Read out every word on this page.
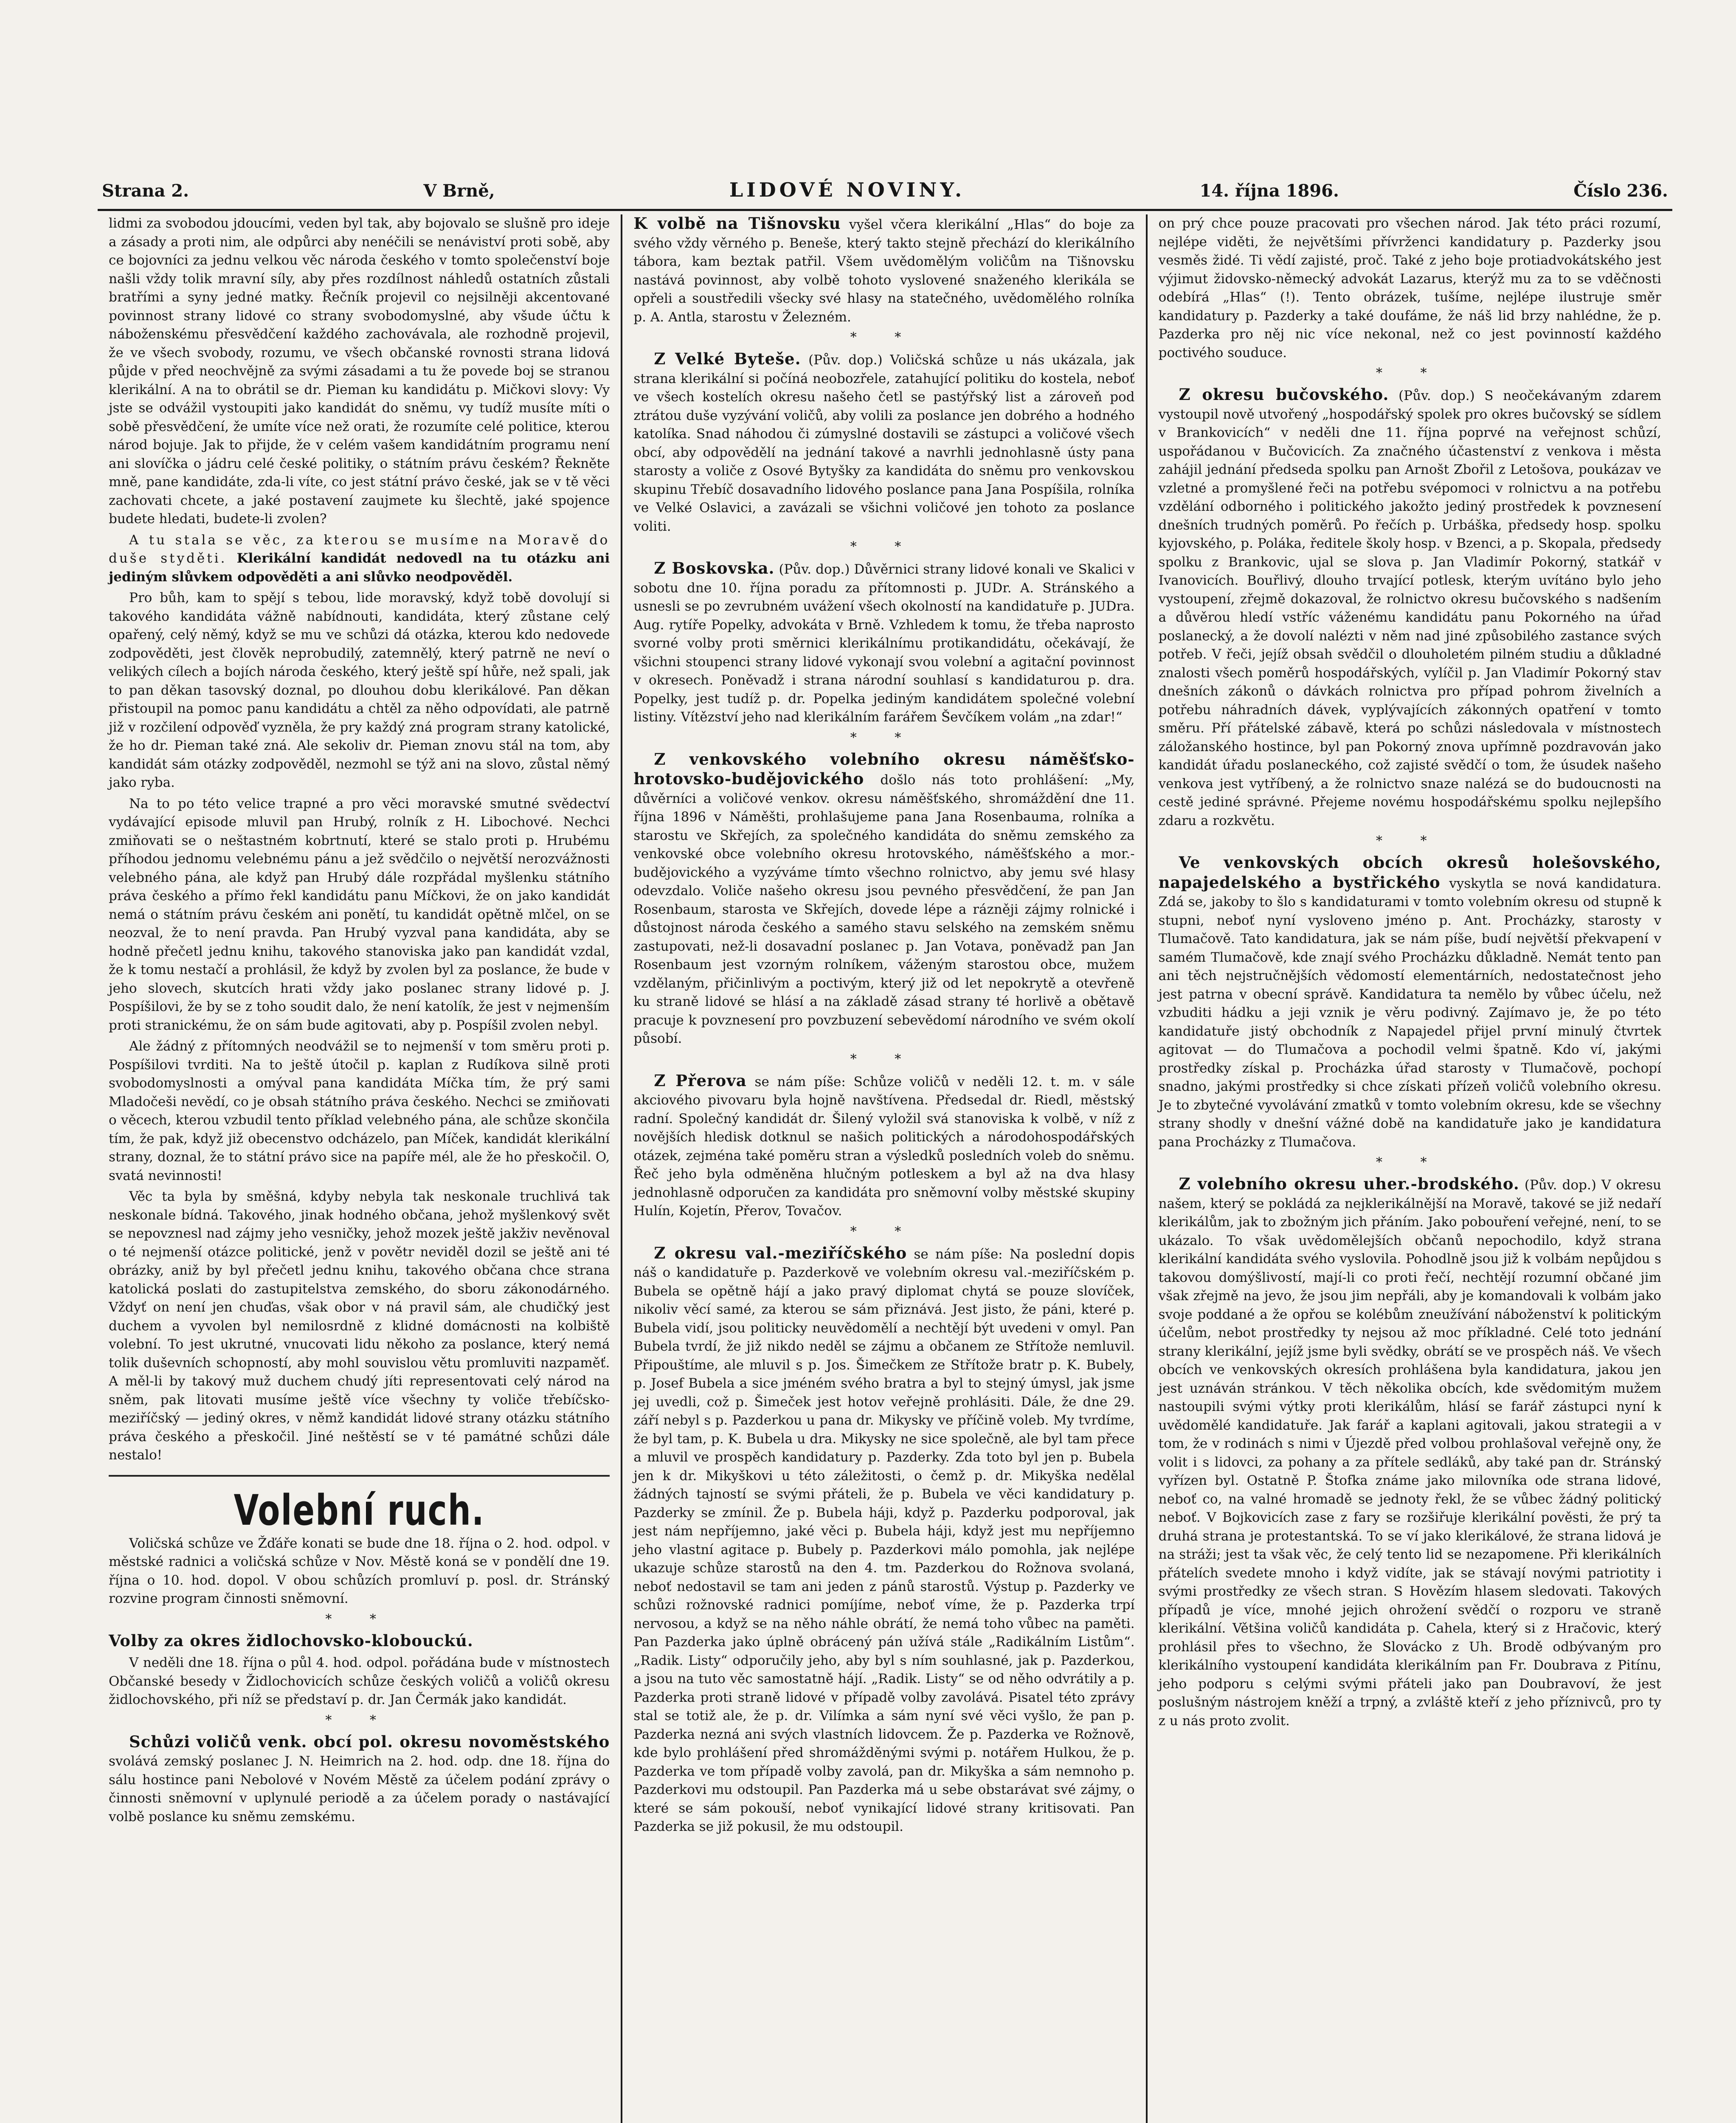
Strana 2.	V Brně,	LIDOVÉ NOVINY.	14. října 1896.	Číslo 236.

lidmi za svobodou jdoucími, veden byl tak, aby bojovalo se slušně pro ideje a zásady a proti nim, ale odpůrci aby nenéčili se nenáviství proti sobě, aby ce bojovníci za jednu velkou věc národa českého v tomto společenství boje našli vždy tolik mravní síly, aby přes rozdílnost náhledů ostatních zůstali bratřími a syny jedné matky. Řečník projevil co nejsilněji akcentované povinnost strany lidové co strany svobodomyslné, aby všude účtu k náboženskému přesvědčení každého zachovávala, ale rozhodně projevil, že ve všech svobody, rozumu, ve všech občanské rovnosti strana lidová půjde v před neochvějně za svými zásadami a tu že povede boj se stranou klerikální. A na to obrátil se dr. Pieman ku kandidátu p. Mičkovi slovy: Vy jste se odvážil vystoupiti jako kandidát do sněmu, vy tudíž musíte míti o sobě přesvědčení, že umíte více než orati, že rozumíte celé politice, kterou národ bojuje. Jak to přijde, že v celém vašem kandidátním programu není ani slovíčka o jádru celé české politiky, o státním právu českém? Řekněte mně, pane kandidáte, zda-li víte, co jest státní právo české, jak se v tě věci zachovati chcete, a jaké postavení zaujmete ku šlechtě, jaké spojence budete hledati, budete-li zvolen?

A tu stala se věc, za kterou se musíme na Moravě do duše styděti. Klerikální kandidát nedovedl na tu otázku ani jediným slůvkem odpověděti a ani slůvko neodpověděl.

Pro bůh, kam to spějí s tebou, lide moravský, když tobě dovolují si takového kandidáta vážně nabídnouti, kandidáta, který zůstane celý opařený, celý němý, když se mu ve schůzi dá otázka, kterou kdo nedovede zodpověděti, jest člověk neprobudilý, zatemnělý, který patrně ne neví o velikých cílech a bojích národa českého, který ještě spí hůře, než spali, jak to pan děkan tasovský doznal, po dlouhou dobu klerikálové. Pan děkan přistoupil na pomoc panu kandidátu a chtěl za něho odpovídati, ale patrně již v rozčilení odpověď vyzněla, že pry každý zná program strany katolické, že ho dr. Pieman také zná. Ale sekoliv dr. Pieman znovu stál na tom, aby kandidát sám otázky zodpověděl, nezmohl se týž ani na slovo, zůstal němý jako ryba.

Na to po této velice trapné a pro věci moravské smutné svědectví vydávající episode mluvil pan Hrubý, rolník z H. Libochové. Nechci zmiňovati se o neštastném kobrtnutí, které se stalo proti p. Hrubému příhodou jednomu velebnému pánu a jež svědčilo o největší nerozvážnosti velebného pána, ale když pan Hrubý dále rozpřádal myšlenku státního práva českého a přímo řekl kandidátu panu Míčkovi, že on jako kandidát nemá o státním právu českém ani ponětí, tu kandidát opětně mlčel, on se neozval, že to není pravda. Pan Hrubý vyzval pana kandidáta, aby se hodně přečetl jednu knihu, takového stanoviska jako pan kandidát vzdal, že k tomu nestačí a prohlásil, že když by zvolen byl za poslance, že bude v jeho slovech, skutcích hrati vždy jako poslanec strany lidové p. J. Pospíšilovi, že by se z toho soudit dalo, že není katolík, že jest v nejmenším proti stranickému, že on sám bude agitovati, aby p. Pospíšil zvolen nebyl.

Ale žádný z přítomných neodvážil se to nejmenší v tom směru proti p. Pospíšilovi tvrditi. Na to ještě útočil p. kaplan z Rudíkova silně proti svobodomyslnosti a omýval pana kandidáta Míčka tím, že prý sami Mladočeši nevědí, co je obsah státního práva českého. Nechci se zmiňovati o věcech, kterou vzbudil tento příklad velebného pána, ale schůze skončila tím, že pak, když již obecenstvo odcházelo, pan Míček, kandidát klerikální strany, doznal, že to státní právo sice na papíře mél, ale že ho přeskočil. O, svatá nevinnosti!

Věc ta byla by směšná, kdyby nebyla tak neskonale truchlivá tak neskonale bídná. Takového, jinak hodného občana, jehož myšlenkový svět se nepovznesl nad zájmy jeho vesničky, jehož mozek ještě jakživ nevěnoval o té nejmenší otázce politické, jenž v povětr neviděl dozil se ještě ani té obrázky, aniž by byl přečetl jednu knihu, takového občana chce strana katolická poslati do zastupitelstva zemského, do sboru zákonodárného. Vždyť on není jen chuďas, však obor v ná pravil sám, ale chudičký jest duchem a vyvolen byl nemilosrdně z klidné domácnosti na kolbiště volební. To jest ukrutné, vnucovati lidu někoho za poslance, který nemá tolik duševních schopností, aby mohl souvislou větu promluviti nazpaměť. A měl-li by takový muž duchem chudý jíti representovati celý národ na sněm, pak litovati musíme ještě více všechny ty voliče třebíčsko-meziříčský — jediný okres, v němž kandidát lidové strany otázku státního práva českého a přeskočil. Jiné neštěstí se v té památné schůzi dále nestalo!

Volební ruch.

Voličská schůze ve Žďáře konati se bude dne 18. října o 2. hod. odpol. v městské radnici a voličská schůze v Nov. Městě koná se v pondělí dne 19. října o 10. hod. dopol. V obou schůzích promluví p. posl. dr. Stránský rozvine program činnosti sněmovní.

* *

Volby za okres židlochovsko-klobouckú.

V neděli dne 18. října o půl 4. hod. odpol. pořádána bude v místnostech Občanské besedy v Židlochovicích schůze českých voličů a voličů okresu židlochovského, při níž se představí p. dr. Jan Čermák jako kandidát.

* *

Schůzi voličů venk. obcí pol. okresu novoměstského svolává zemský poslanec J. N. Heimrich na 2. hod. odp. dne 18. října do sálu hostince pani Nebolové v Novém Městě za účelem podání zprávy o činnosti sněmovní v uplynulé periodě a za účelem porady o nastávající volbě poslance ku sněmu zemskému.

K volbě na Tišnovsku vyšel včera klerikální „Hlas“ do boje za svého vždy věrného p. Beneše, který takto stejně přechází do klerikálního tábora, kam beztak patřil. Všem uvědomělým voličům na Tišnovsku nastává povinnost, aby volbě tohoto vyslovené snaženého klerikála se opřeli a soustředili všecky své hlasy na statečného, uvědomělého rolníka p. A. Antla, starostu v Železném.

* *

Z Velké Byteše. (Pův. dop.) Voličská schůze u nás ukázala, jak strana klerikální si počíná neobozřele, zatahující politiku do kostela, neboť ve všech kostelích okresu našeho četl se pastýřský list a zároveň pod ztrátou duše vyzývání voličů, aby volili za poslance jen dobrého a hodného katolíka. Snad náhodou či zúmyslné dostavili se zástupci a voličové všech obcí, aby odpovědělí na jednání takové a navrhli jednohlasně ústy pana starosty a voliče z Osové Bytyšky za kandidáta do sněmu pro venkovskou skupinu Třebíč dosavadního lidového poslance pana Jana Pospíšila, rolníka ve Velké Oslavici, a zavázali se všichni voličové jen tohoto za poslance voliti.

* *

Z Boskovska. (Pův. dop.) Důvěrnici strany lidové konali ve Skalici v sobotu dne 10. října poradu za přítomnosti p. JUDr. A. Stránského a usnesli se po zevrubném uvážení všech okolností na kandidatuře p. JUDra. Aug. rytíře Popelky, advokáta v Brně. Vzhledem k tomu, že třeba naprosto svorné volby proti směrnici klerikálnímu protikandidátu, očekávají, že všichni stoupenci strany lidové vykonají svou volební a agitační povinnost v okresech. Poněvadž i strana národní souhlasí s kandidaturou p. dra. Popelky, jest tudíž p. dr. Popelka jediným kandidátem společné volební listiny. Vítězství jeho nad klerikálním farářem Ševčíkem volám „na zdar!“

* *

Z venkovského volebního okresu náměšťsko-hrotovsko-budějovického došlo nás toto prohlášení: „My, důvěrníci a voličové venkov. okresu náměšťského, shromáždění dne 11. října 1896 v Náměšti, prohlašujeme pana Jana Rosenbauma, rolníka a starostu ve Skřejích, za společného kandidáta do sněmu zemského za venkovské obce volebního okresu hrotovského, náměšťského a mor.-budějovického a vyzýváme tímto všechno rolnictvo, aby jemu své hlasy odevzdalo. Voliče našeho okresu jsou pevného přesvědčení, že pan Jan Rosenbaum, starosta ve Skřejích, dovede lépe a rázněji zájmy rolnické i důstojnost národa českého a samého stavu selského na zemském sněmu zastupovati, než-li dosavadní poslanec p. Jan Votava, poněvadž pan Jan Rosenbaum jest vzorným rolníkem, váženým starostou obce, mužem vzdělaným, přičinlivým a poctivým, který již od let nepokrytě a otevřeně ku straně lidové se hlásí a na základě zásad strany té horlivě a obětavě pracuje k povznesení pro povzbuzení sebevědomí národního ve svém okolí působí.

* *

Z Přerova se nám píše: Schůze voličů v neděli 12. t. m. v sále akciového pivovaru byla hojně navštívena. Předsedal dr. Riedl, městský radní. Společný kandidát dr. Šilený vyložil svá stanoviska k volbě, v níž z novějších hledisk dotknul se našich politických a národohospodářských otázek, zejména také poměru stran a výsledků posledních voleb do sněmu. Řeč jeho byla odměněna hlučným potleskem a byl až na dva hlasy jednohlasně odporučen za kandidáta pro sněmovní volby městské skupiny Hulín, Kojetín, Přerov, Tovačov.

* *

Z okresu val.-meziříčského se nám píše: Na poslední dopis náš o kandidatuře p. Pazderkově ve volebním okresu val.-meziříčském p. Bubela se opětně hájí a jako pravý diplomat chytá se pouze slovíček, nikoliv věcí samé, za kterou se sám přiznává. Jest jisto, že páni, které p. Bubela vidí, jsou politicky neuvědomělí a nechtějí být uvedeni v omyl. Pan Bubela tvrdí, že již nikdo neděl se zájmu a občanem ze Střítože nemluvil. Připouštíme, ale mluvil s p. Jos. Šimečkem ze Střítože bratr p. K. Bubely, p. Josef Bubela a sice jméném svého bratra a byl to stejný úmysl, jak jsme jej uvedli, což p. Šimeček jest hotov veřejně prohlásiti. Dále, že dne 29. září nebyl s p. Pazderkou u pana dr. Mikysky ve příčině voleb. My tvrdíme, že byl tam, p. K. Bubela u dra. Mikysky ne sice společně, ale byl tam přece a mluvil ve prospěch kandidatury p. Pazderky. Zda toto byl jen p. Bubela jen k dr. Mikyškovi u této záležitosti, o čemž p. dr. Mikyška nedělal žádných tajností se svými přáteli, že p. Bubela ve věci kandidatury p. Pazderky se zmínil. Že p. Bubela háji, když p. Pazderku podporoval, jak jest nám nepříjemno, jaké věci p. Bubela háji, když jest mu nepříjemno jeho vlastní agitace p. Bubely p. Pazderkovi málo pomohla, jak nejlépe ukazuje schůze starostů na den 4. tm. Pazderkou do Rožnova svolaná, neboť nedostavil se tam ani jeden z pánů starostů. Výstup p. Pazderky ve schůzi rožnovské radnici pomíjíme, neboť víme, že p. Pazderka trpí nervosou, a když se na něho náhle obrátí, že nemá toho vůbec na paměti. Pan Pazderka jako úplně obrácený pán užívá stále „Radikálním Listům“. „Radik. Listy“ odporučily jeho, aby byl s ním souhlasné, jak p. Pazderkou, a jsou na tuto věc samostatně hájí. „Radik. Listy“ se od něho odvrátily a p. Pazderka proti straně lidové v případě volby zavolává. Pisatel této zprávy stal se totiž ale, že p. dr. Vilímka a sám nyní své věci vyšlo, že pan p. Pazderka nezná ani svých vlastních lidovcem. Že p. Pazderka ve Rožnově, kde bylo prohlášení před shromážděnými svými p. notářem Hulkou, že p. Pazderka ve tom případě volby zavolá, pan dr. Mikyška a sám nemnoho p. Pazderkovi mu odstoupil. Pan Pazderka má u sebe obstarávat své zájmy, o které se sám pokouší, neboť vynikající lidové strany kritisovati. Pan Pazderka se již pokusil, že mu odstoupil.

on prý chce pouze pracovati pro všechen národ. Jak této práci rozumí, nejlépe viděti, že největšími přívrženci kandidatury p. Pazderky jsou vesměs židé. Ti vědí zajisté, proč. Také z jeho boje protiadvokátského jest výjimut židovsko-německý advokát Lazarus, kterýž mu za to se vděčnosti odebírá „Hlas“ (!). Tento obrázek, tušíme, nejlépe ilustruje směr kandidatury p. Pazderky a také doufáme, že náš lid brzy nahlédne, že p. Pazderka pro něj nic více nekonal, než co jest povinností každého poctivého souduce.

* *

Z okresu bučovského. (Pův. dop.) S neočekávaným zdarem vystoupil nově utvořený „hospodářský spolek pro okres bučovský se sídlem v Brankovicích“ v neděli dne 11. října poprvé na veřejnost schůzí, uspořádanou v Bučovicích. Za značného účastenství z venkova i města zahájil jednání předseda spolku pan Arnošt Zbořil z Letošova, poukázav ve vzletné a promyšlené řeči na potřebu svépomoci v rolnictvu a na potřebu vzdělání odborného i politického jakožto jediný prostředek k povznesení dnešních trudných poměrů. Po řečích p. Urbáška, předsedy hosp. spolku kyjovského, p. Poláka, ředitele školy hosp. v Bzenci, a p. Skopala, předsedy spolku z Brankovic, ujal se slova p. Jan Vladimír Pokorný, statkář v Ivanovicích. Bouřlivý, dlouho trvající potlesk, kterým uvítáno bylo jeho vystoupení, zřejmě dokazoval, že rolnictvo okresu bučovského s nadšením a důvěrou hledí vstříc váženému kandidátu panu Pokorného na úřad poslanecký, a že dovolí nalézti v něm nad jiné způsobilého zastance svých potřeb. V řeči, jejíž obsah svědčil o dlouholetém pilném studiu a důkladné znalosti všech poměrů hospodářských, vylíčil p. Jan Vladimír Pokorný stav dnešních zákonů o dávkách rolnictva pro případ pohrom živelních a potřebu náhradních dávek, vyplývajících zákonných opatření v tomto směru. Pří přátelské zábavě, která po schůzi následovala v místnostech záložanského hostince, byl pan Pokorný znova upřímně pozdravován jako kandidát úřadu poslaneckého, což zajisté svědčí o tom, že úsudek našeho venkova jest vytříbený, a že rolnictvo snaze nalézá se do budoucnosti na cestě jediné správné. Přejeme novému hospodářskému spolku nejlepšího zdaru a rozkvětu.

* *

Ve venkovských obcích okresů holešovského, napajedelského a bystřického vyskytla se nová kandidatura. Zdá se, jakoby to šlo s kandidaturami v tomto volebním okresu od stupně k stupni, neboť nyní vysloveno jméno p. Ant. Procházky, starosty v Tlumačově. Tato kandidatura, jak se nám píše, budí největší překvapení v samém Tlumačově, kde znají svého Procházku důkladně. Nemát tento pan ani těch nejstručnějších vědomostí elementárních, nedostatečnost jeho jest patrna v obecní správě. Kandidatura ta nemělo by vůbec účelu, než vzbuditi hádku a jeji vznik je věru podivný. Zajímavo je, že po této kandidatuře jistý obchodník z Napajedel přijel první minulý čtvrtek agitovat — do Tlumačova a pochodil velmi špatně. Kdo ví, jakými prostředky získal p. Procházka úřad starosty v Tlumačově, pochopí snadno, jakými prostředky si chce získati přízeň voličů volebního okresu. Je to zbytečné vyvolávání zmatků v tomto volebním okresu, kde se všechny strany shodly v dnešní vážné době na kandidatuře jako je kandidatura pana Procházky z Tlumačova.

* *

Z volebního okresu uher.-brodského. (Pův. dop.) V okresu našem, který se pokládá za nejklerikálnější na Moravě, takové se již nedaří klerikálům, jak to zbožným jich přáním. Jako pobouření veřejné, není, to se ukázalo. To však uvědomělejších občanů nepochodilo, když strana klerikální kandidáta svého vyslovila. Pohodlně jsou již k volbám nepůjdou s takovou domýšlivostí, mají-li co proti řečí, nechtějí rozumní občané jim však zřejmě na jevo, že jsou jim nepřáli, aby je komandovali k volbám jako svoje poddané a že opřou se kolébům zneužívání náboženství k politickým účelům, nebot prostředky ty nejsou až moc příkladné. Celé toto jednání strany klerikální, jejíž jsme byli svědky, obrátí se ve prospěch náš. Ve všech obcích ve venkovských okresích prohlášena byla kandidatura, jakou jen jest uznáván stránkou. V těch několika obcích, kde svědomitým mužem nastoupili svými výtky proti klerikálům, hlásí se farář zástupci nyní k uvědomělé kandidatuře. Jak farář a kaplani agitovali, jakou strategii a v tom, že v rodinách s nimi v Újezdě před volbou prohlašoval veřejně ony, že volit i s lidovci, za pohany a za přítele sedláků, aby také pan dr. Stránský vyřízen byl. Ostatně P. Štofka známe jako milovníka ode strana lidové, neboť co, na valné hromadě se jednoty řekl, že se vůbec žádný politický neboť. V Bojkovicích zase z fary se rozšiřuje klerikální pověsti, že prý ta druhá strana je protestantská. To se ví jako klerikálové, že strana lidová je na stráži; jest ta však věc, že celý tento lid se nezapomene. Při klerikálních přátelích svedete mnoho i když vidíte, jak se stávají novými patriotity i svými prostředky ze všech stran. S Hovězím hlasem sledovati. Takových případů je více, mnohé jejich ohrožení svědčí o rozporu ve straně klerikální. Většina voličů kandidáta p. Cahela, který si z Hračovic, který prohlásil přes to všechno, že Slovácko z Uh. Brodě odbývaným pro klerikálního vystoupení kandidáta klerikálním pan Fr. Doubrava z Pitínu, jeho podporu s celými svými přáteli jako pan Doubravoví, že jest poslušným nástrojem kněží a trpný, a zvláště kteří z jeho příznivců, pro ty z u nás proto zvolit.
